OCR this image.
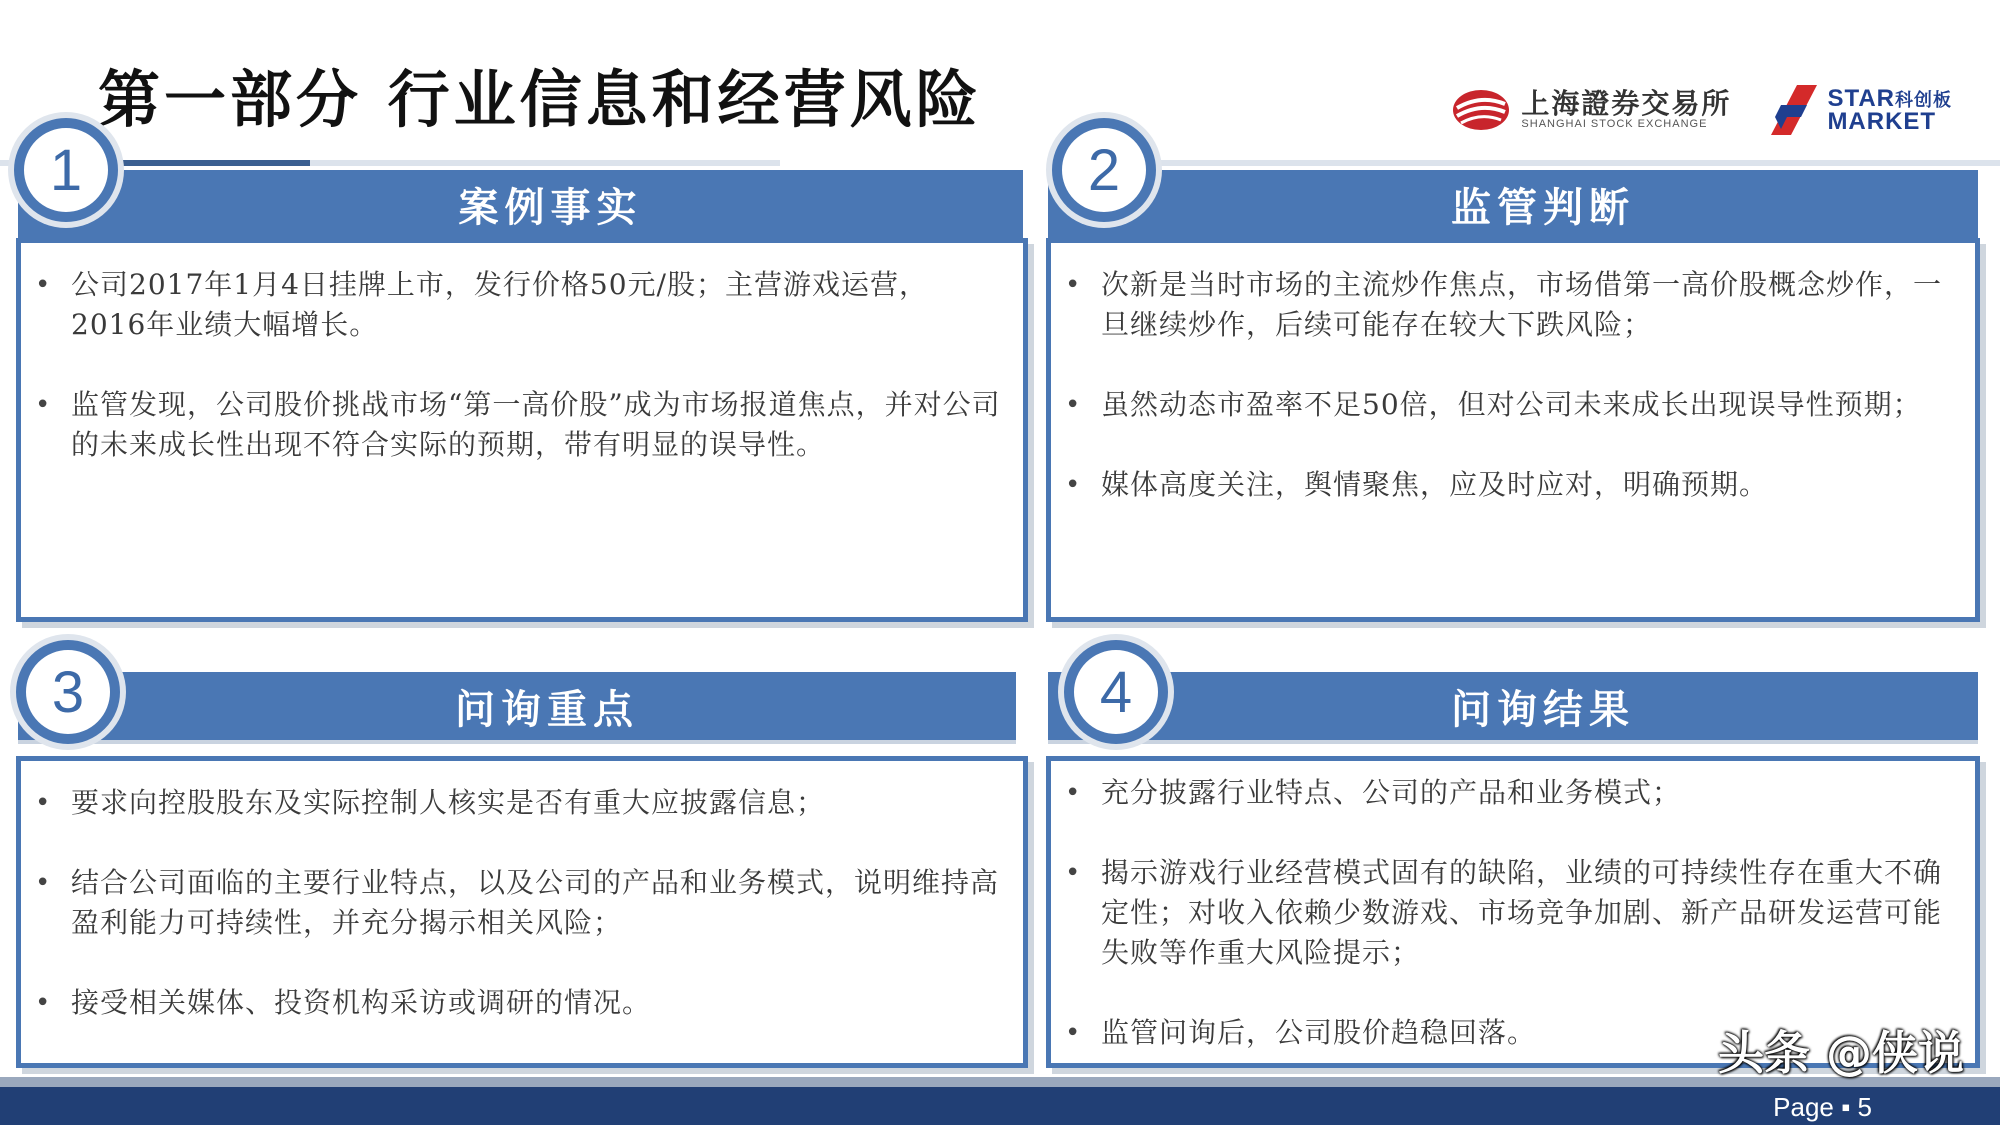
第一部分 行业信息和经营风险	上海證券交易所
SHANGHAI STOCK EXCHANGE
STAR科创板
MARKET
案例事实
• 公司2017年1月4日挂牌上市，发行价格50元/股；主营游戏运营，2016年业绩大幅增长。
• 监管发现，公司股价挑战市场“第一高价股”成为市场报道焦点，并对公司的未来成长性出现不符合实际的预期，带有明显的误导性。
1
监管判断
• 次新是当时市场的主流炒作焦点，市场借第一高价股概念炒作，一旦继续炒作，后续可能存在较大下跌风险；
• 虽然动态市盈率不足50倍，但对公司未来成长出现误导性预期；
• 媒体高度关注，舆情聚焦，应及时应对，明确预期。
2
问询重点
• 要求向控股股东及实际控制人核实是否有重大应披露信息；
• 结合公司面临的主要行业特点，以及公司的产品和业务模式，说明维持高盈利能力可持续性，并充分揭示相关风险；
• 接受相关媒体、投资机构采访或调研的情况。
3	问询结果
• 充分披露行业特点、公司的产品和业务模式；
• 揭示游戏行业经营模式固有的缺陷，业绩的可持续性存在重大不确定性；对收入依赖少数游戏、市场竞争加剧、新产品研发运营可能失败等作重大风险提示；
• 监管问询后，公司股价趋稳回落。
4
Page ▪ 5
头条 @侠说
